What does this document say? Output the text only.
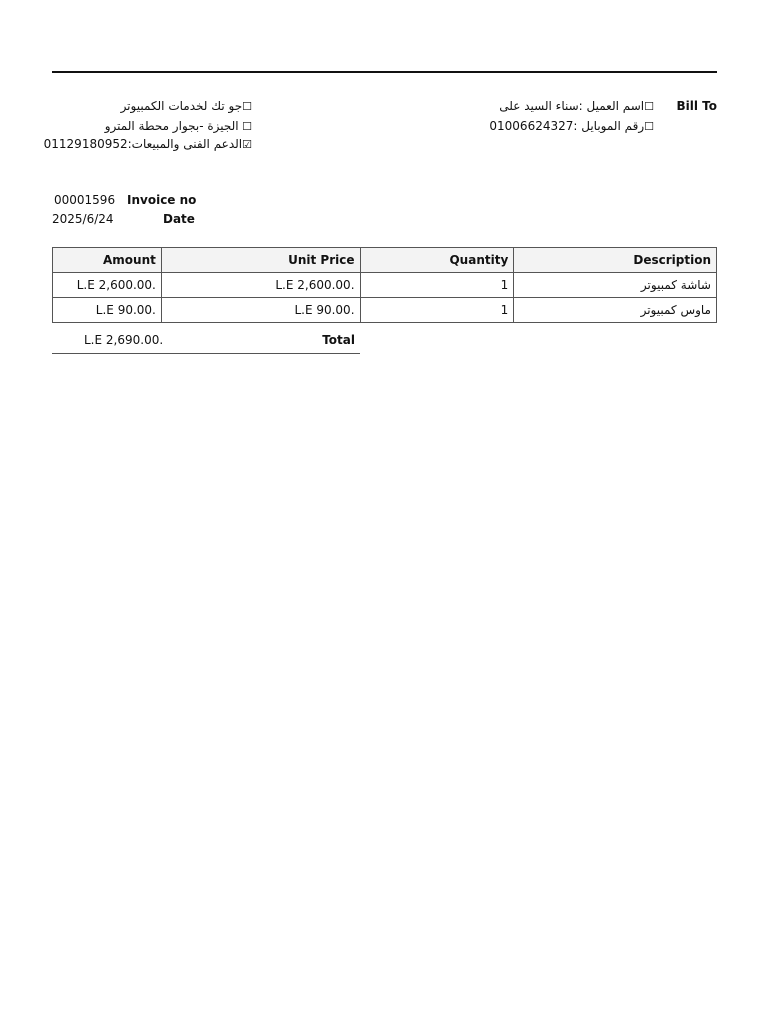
Bill To
☐اسم العميل :سناء السيد على
☐رقم الموبايل :01006624327
☐جو تك لخدمات الكمبيوتر
☐ الجيزة -بجوار محطة المترو
☑الدعم الفنى والمبيعات:01129180952
00001596 Invoice no
2025/6/24	Date
Amount	Unit Price	Quantity	Description
L.E 2,600.00.	L.E 2,600.00.	1	شاشة كمبيوتر
L.E 90.00.	L.E 90.00.	1	ماوس كمبيوتر
L.E 2,690.00.	Total
